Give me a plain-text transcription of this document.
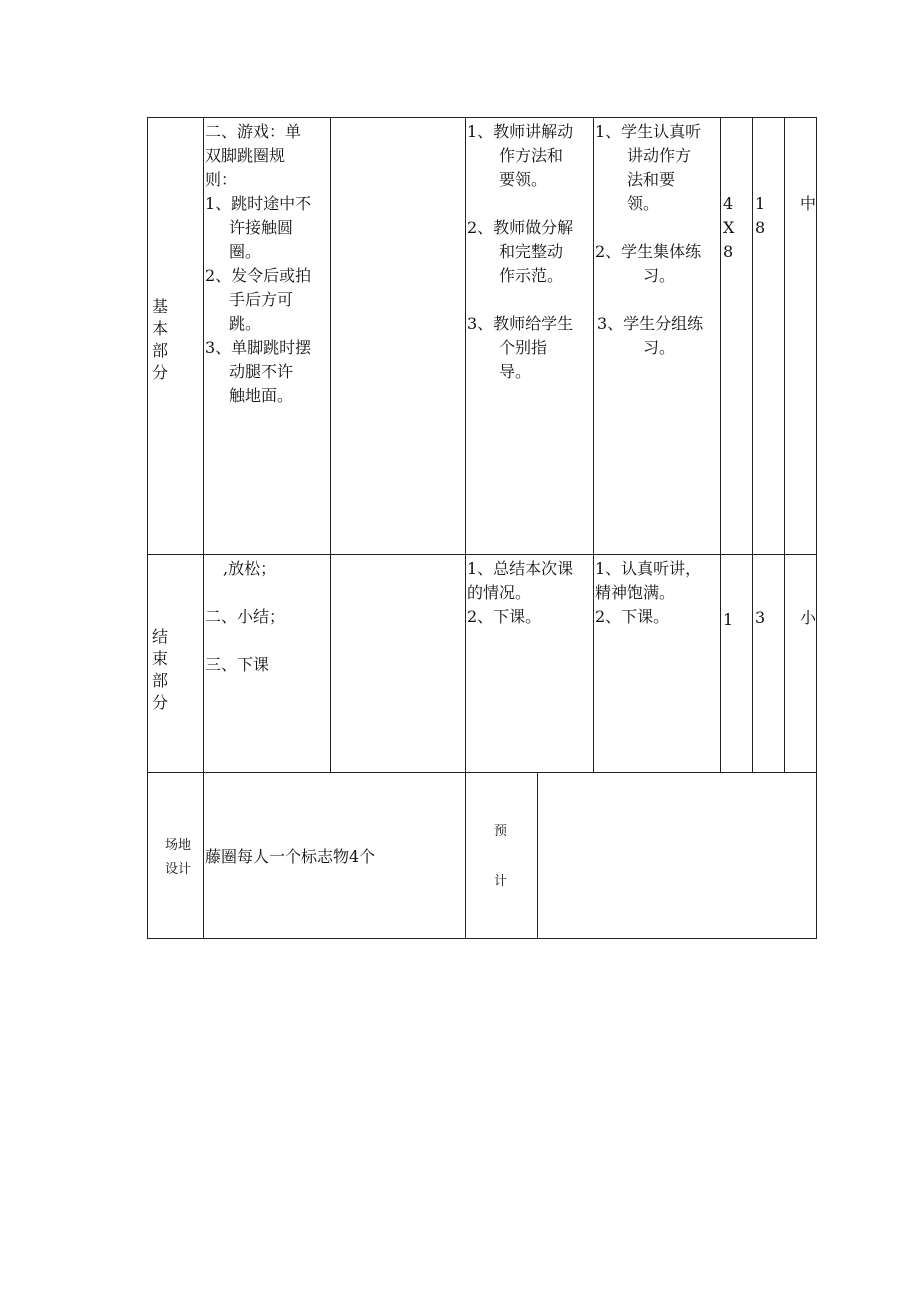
基本部分

二、游戏：单

双脚跳圈规

则：

1、跳时途中不

许接触圆

圈。

2、发令后或拍

手后方可

跳。

3、单脚跳时摆

动腿不许

触地面。

1、教师讲解动

作方法和

要领。

2、教师做分解

和完整动

作示范。

3、教师给学生

个别指

导。

1、学生认真听

讲动作方

法和要

领。

2、学生集体练

习。

3、学生分组练

习。

4

X

8

1

8

中
结束部分

,放松；

二、小结；

三、下课

1、总结本次课

的情况。

2、下课。

1、认真听讲，

精神饱满。

2、下课。	1 3 小

场地

设计

藤圈每人一个标志物4个
预
计
